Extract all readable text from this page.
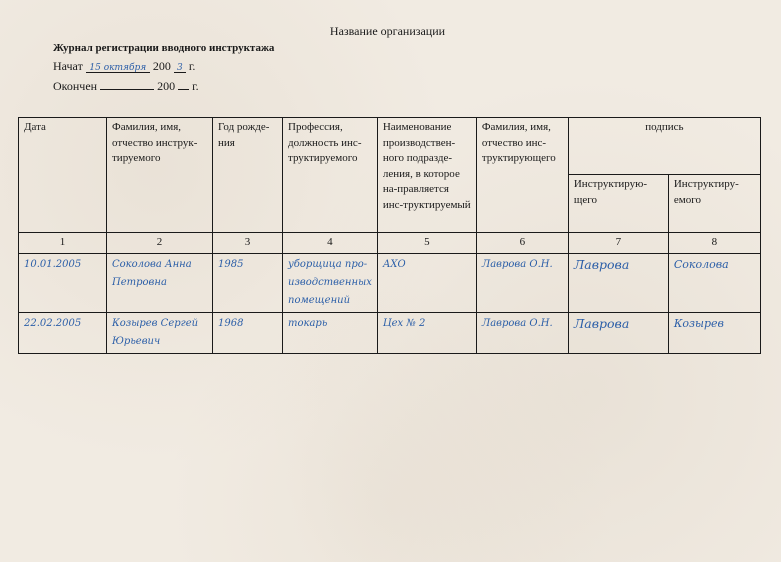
Название организации
Журнал регистрации вводного инструктажа
Начат 15 октября 200 3 г.
Окончен	200 г.
Дата	Фамилия, имя, отчество инструк-тируемого	Год рожде-ния	Профессия, должность инс-труктируемого	Наименование производствен-ного подразде-ления, в которое на-правляется инс-труктируемый	Фамилия, имя, отчество инс-труктирующего	подпись	
						Инструктирую-щего	Инструктиру-емого
1	2	3	4	5	6	7	8
10.01.2005	Соколова Анна Петровна	1985	уборщица про-изводственных помещений	АХО	Лаврова О.Н.	Лаврова	Соколова
22.02.2005	Козырев Сергей Юрьевич	1968	токарь	Цех № 2	Лаврова О.Н.	Лаврова	Козырев
